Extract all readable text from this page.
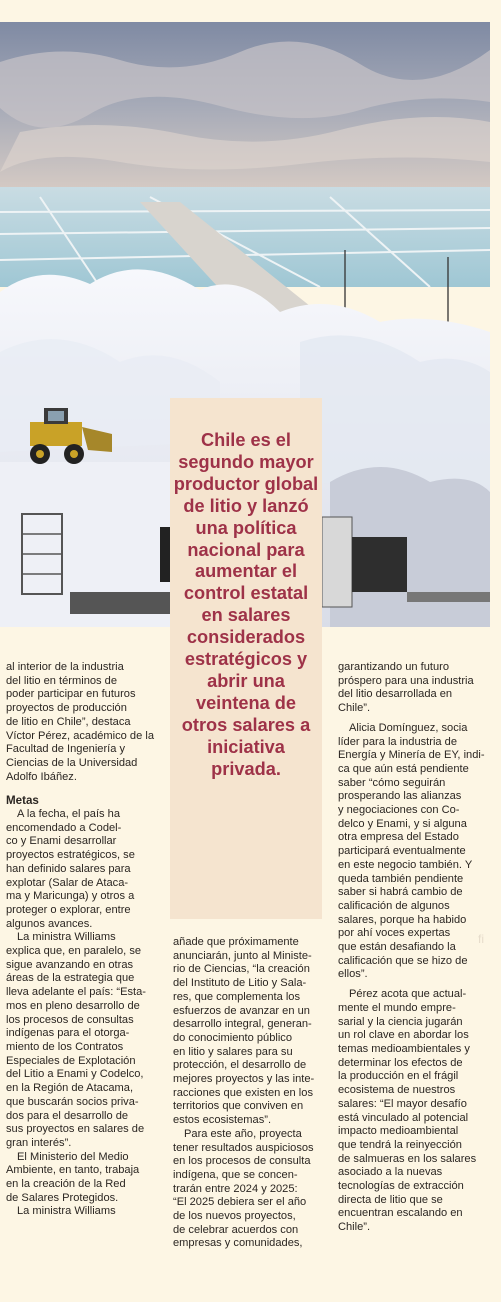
Chile es el segundo mayor productor global de litio y lanzó una política nacional para aumentar el control estatal en salares considerados estratégicos y abrir una veintena de otros salares a iniciativa privada.

al interior de la industria

del litio en términos de

poder participar en futuros

proyectos de producción

de litio en Chile”, destaca

Víctor Pérez, académico de la

Facultad de Ingeniería y

Ciencias de la Universidad

Adolfo Ibáñez.

Metas

A la fecha, el país ha

encomendado a Codel-

co y Enami desarrollar

proyectos estratégicos, se

han definido salares para

explotar (Salar de Ataca-

ma y Maricunga) y otros a

proteger o explorar, entre

algunos avances.

La ministra Williams

explica que, en paralelo, se

sigue avanzando en otras

áreas de la estrategia que

lleva adelante el país: “Esta-

mos en pleno desarrollo de

los procesos de consultas

indígenas para el otorga-

miento de los Contratos

Especiales de Explotación

del Litio a Enami y Codelco,

en la Región de Atacama,

que buscarán socios priva-

dos para el desarrollo de

sus proyectos en salares de

gran interés”.

El Ministerio del Medio

Ambiente, en tanto, trabaja

en la creación de la Red

de Salares Protegidos.

La ministra Williams

añade que próximamente

anunciarán, junto al Ministe-

rio de Ciencias, “la creación

del Instituto de Litio y Sala-

res, que complementa los

esfuerzos de avanzar en un

desarrollo integral, generan-

do conocimiento público

en litio y salares para su

protección, el desarrollo de

mejores proyectos y las inte-

racciones que existen en los

territorios que conviven en

estos ecosistemas”.

Para este año, proyecta

tener resultados auspiciosos

en los procesos de consulta

indígena, que se concen-

trarán entre 2024 y 2025:

“El 2025 debiera ser el año

de los nuevos proyectos,

de celebrar acuerdos con

empresas y comunidades,

garantizando un futuro

próspero para una industria

del litio desarrollada en

Chile”.

Alicia Domínguez, socia

líder para la industria de

Energía y Minería de EY, indi-

ca que aún está pendiente

saber “cómo seguirán

prosperando las alianzas

y negociaciones con Co-

delco y Enami, y si alguna

otra empresa del Estado

participará eventualmente

en este negocio también. Y

queda también pendiente

saber si habrá cambio de

calificación de algunos

salares, porque ha habido

por ahí voces expertas

que están desafiando la

calificación que se hizo de

ellos”.

Pérez acota que actual-

mente el mundo empre-

sarial y la ciencia jugarán

un rol clave en abordar los

temas medioambientales y

determinar los efectos de

la producción en el frágil

ecosistema de nuestros

salares: “El mayor desafío

está vinculado al potencial

impacto medioambiental

que tendrá la reinyección

de salmueras en los salares

asociado a la nuevas

tecnologías de extracción

directa de litio que se

encuentran escalando en

Chile”.

fi
